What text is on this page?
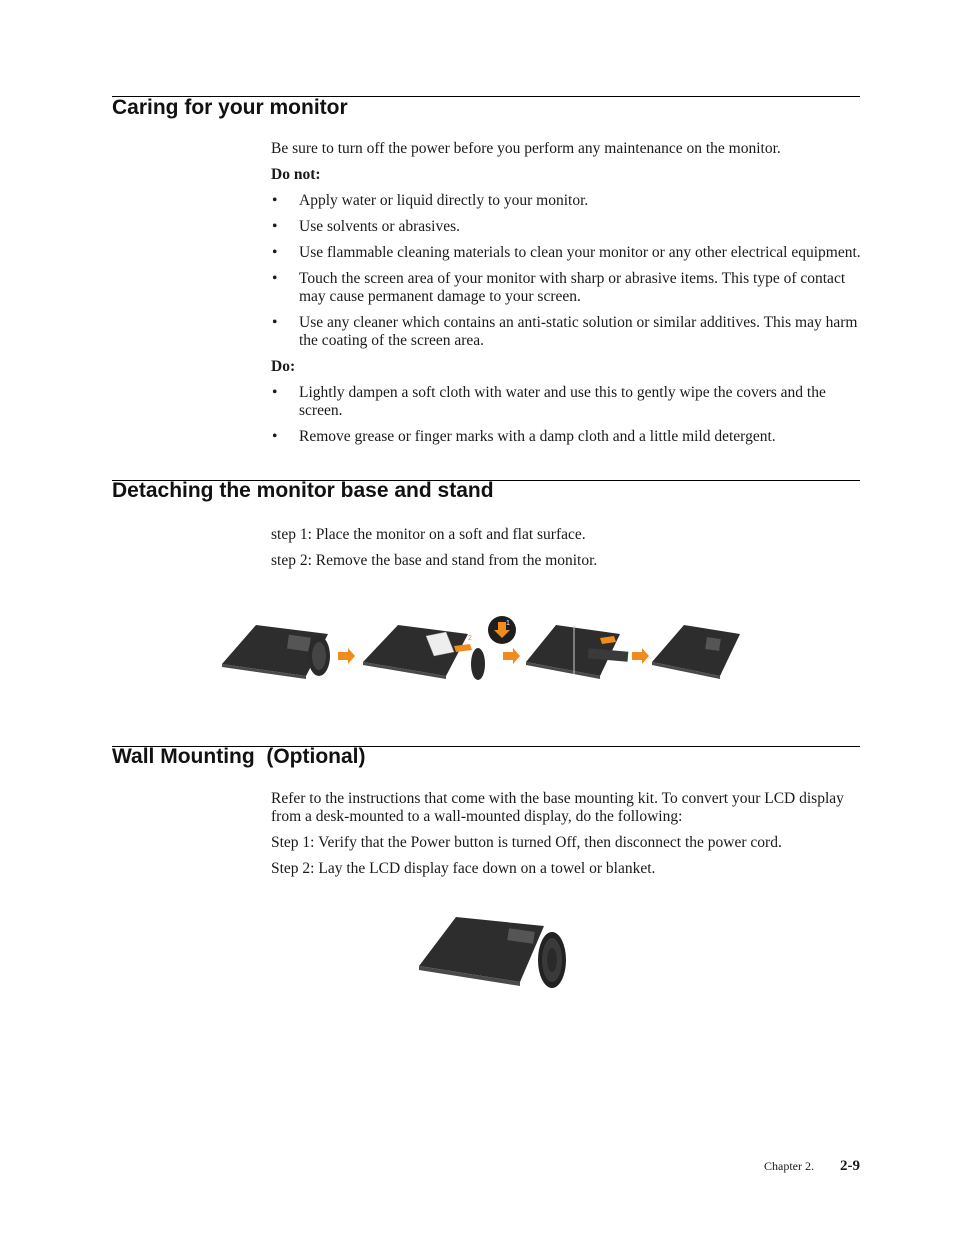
Caring for your monitor

Be sure to turn off the power before you perform any maintenance on the monitor.

Do not:
• Apply water or liquid directly to your monitor.
• Use solvents or abrasives.
• Use flammable cleaning materials to clean your monitor or any other electrical equipment.
• Touch the screen area of your monitor with sharp or abrasive items. This type of contact may cause permanent damage to your screen.
• Use any cleaner which contains an anti-static solution or similar additives. This may harm the coating of the screen area.
Do:
• Lightly dampen a soft cloth with water and use this to gently wipe the covers and the screen.
• Remove grease or finger marks with a damp cloth and a little mild detergent.
Detaching the monitor base and stand

step 1: Place the monitor on a soft and flat surface.

step 2: Remove the base and stand from the monitor.

1
2
Wall Mounting  (Optional)

Refer to the instructions that come with the base mounting kit. To convert your LCD display from a desk-mounted to a wall-mounted display, do the following:

Step 1: Verify that the Power button is turned Off, then disconnect the power cord.

Step 2: Lay the LCD display face down on a towel or blanket.

Chapter 2. 2-9
